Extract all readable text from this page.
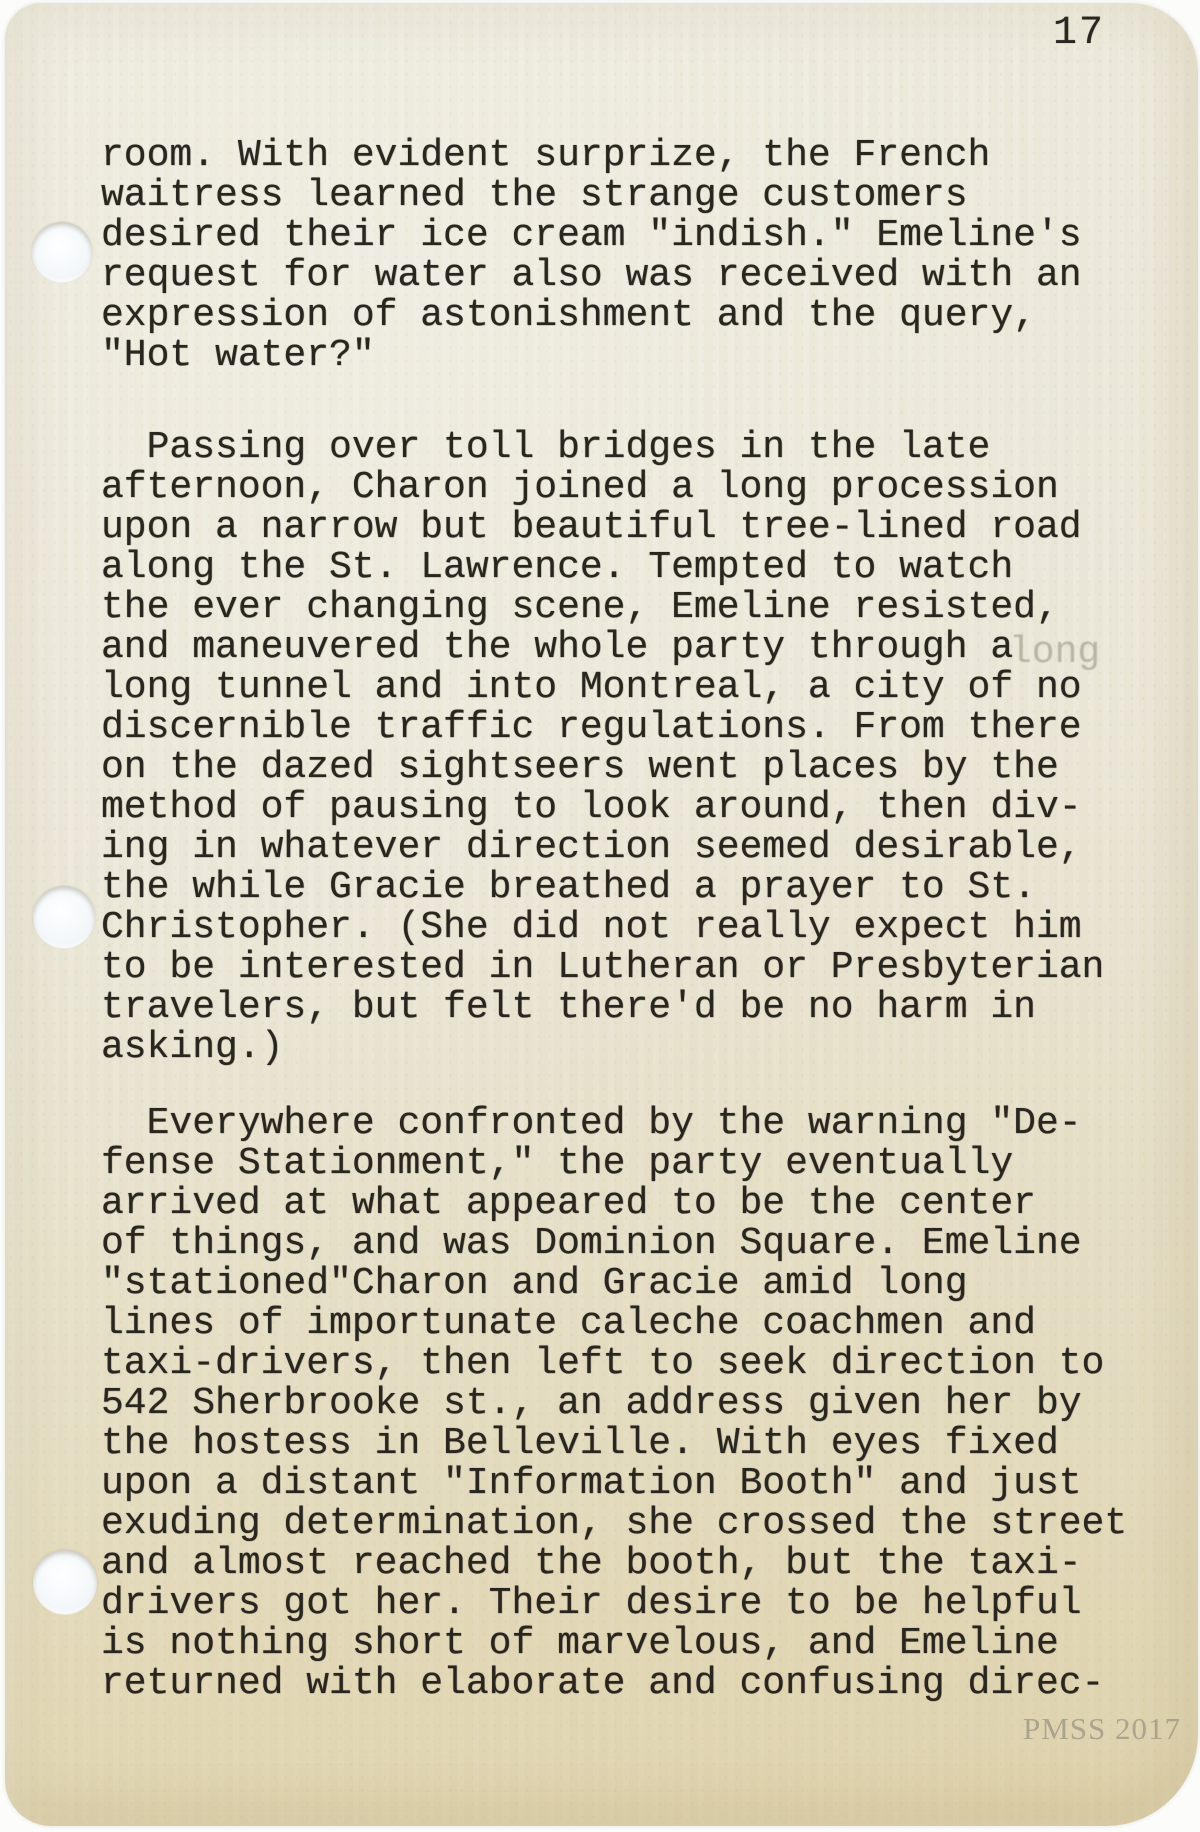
17
room. With evident surprize, the French
waitress learned the strange customers
desired their ice cream "indish." Emeline's
request for water also was received with an
expression of astonishment and the query,
"Hot water?"
Passing over toll bridges in the late
afternoon, Charon joined a long procession
upon a narrow but beautiful tree-lined road
along the St. Lawrence. Tempted to watch
the ever changing scene, Emeline resisted,
and maneuvered the whole party through a
long tunnel and into Montreal, a city of no
discernible traffic regulations. From there
on the dazed sightseers went places by the
method of pausing to look around, then div-
ing in whatever direction seemed desirable,
the while Gracie breathed a prayer to St.
Christopher. (She did not really expect him
to be interested in Lutheran or Presbyterian
travelers, but felt there'd be no harm in
asking.)
Everywhere confronted by the warning "De-
fense Stationment," the party eventually
arrived at what appeared to be the center
of things, and was Dominion Square. Emeline
"stationed"Charon and Gracie amid long
lines of importunate caleche coachmen and
taxi-drivers, then left to seek direction to
542 Sherbrooke st., an address given her by
the hostess in Belleville. With eyes fixed
upon a distant "Information Booth" and just
exuding determination, she crossed the street
and almost reached the booth, but the taxi-
drivers got her. Their desire to be helpful
is nothing short of marvelous, and Emeline
returned with elaborate and confusing direc-
long
PMSS 2017
